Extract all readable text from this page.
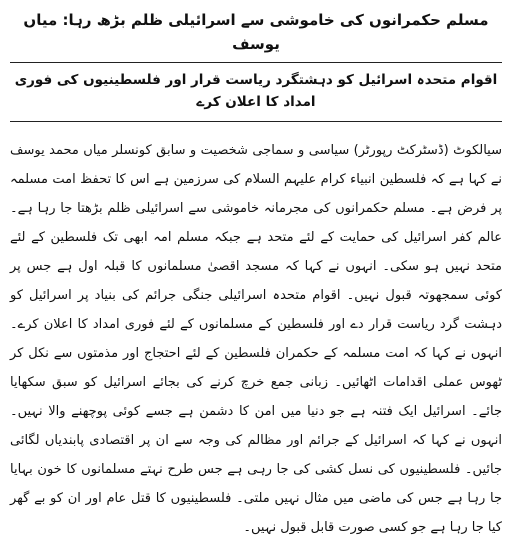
مسلم حکمرانوں کی خاموشی سے اسرائیلی ظلم بڑھ رہا: میاں یوسف
اقوام متحدہ اسرائیل کو دہشتگرد ریاست قرار اور فلسطینیوں کی فوری امداد کا اعلان کرے

سیالکوٹ (ڈسٹرکٹ رپورٹر) سیاسی و سماجی شخصیت و سابق کونسلر میاں محمد یوسف نے کہا ہے کہ فلسطین انبیاء کرام علیہم السلام کی سرزمین ہے اس کا تحفظ امت مسلمہ پر فرض ہے۔ مسلم حکمرانوں کی مجرمانہ خاموشی سے اسرائیلی ظلم بڑھتا جا رہا ہے۔ عالم کفر اسرائیل کی حمایت کے لئے متحد ہے جبکہ مسلم امہ ابھی تک فلسطین کے لئے متحد نہیں ہو سکی۔ انہوں نے کہا کہ مسجد اقصیٰ مسلمانوں کا قبلہ اول ہے جس پر کوئی سمجھوتہ قبول نہیں۔ اقوام متحدہ اسرائیلی جنگی جرائم کی بنیاد پر اسرائیل کو دہشت گرد ریاست قرار دے اور فلسطین کے مسلمانوں کے لئے فوری امداد کا اعلان کرے۔ انہوں نے کہا کہ امت مسلمہ کے حکمران فلسطین کے لئے احتجاج اور مذمتوں سے نکل کر ٹھوس عملی اقدامات اٹھائیں۔ زبانی جمع خرچ کرنے کی بجائے اسرائیل کو سبق سکھایا جائے۔ اسرائیل ایک فتنہ ہے جو دنیا میں امن کا دشمن ہے جسے کوئی پوچھنے والا نہیں۔ انہوں نے کہا کہ اسرائیل کے جرائم اور مظالم کی وجہ سے ان پر اقتصادی پابندیاں لگائی جائیں۔ فلسطینیوں کی نسل کشی کی جا رہی ہے جس طرح نہتے مسلمانوں کا خون بہایا جا رہا ہے جس کی ماضی میں مثال نہیں ملتی۔ فلسطینیوں کا قتل عام اور ان کو بے گھر کیا جا رہا ہے جو کسی صورت قابل قبول نہیں۔
